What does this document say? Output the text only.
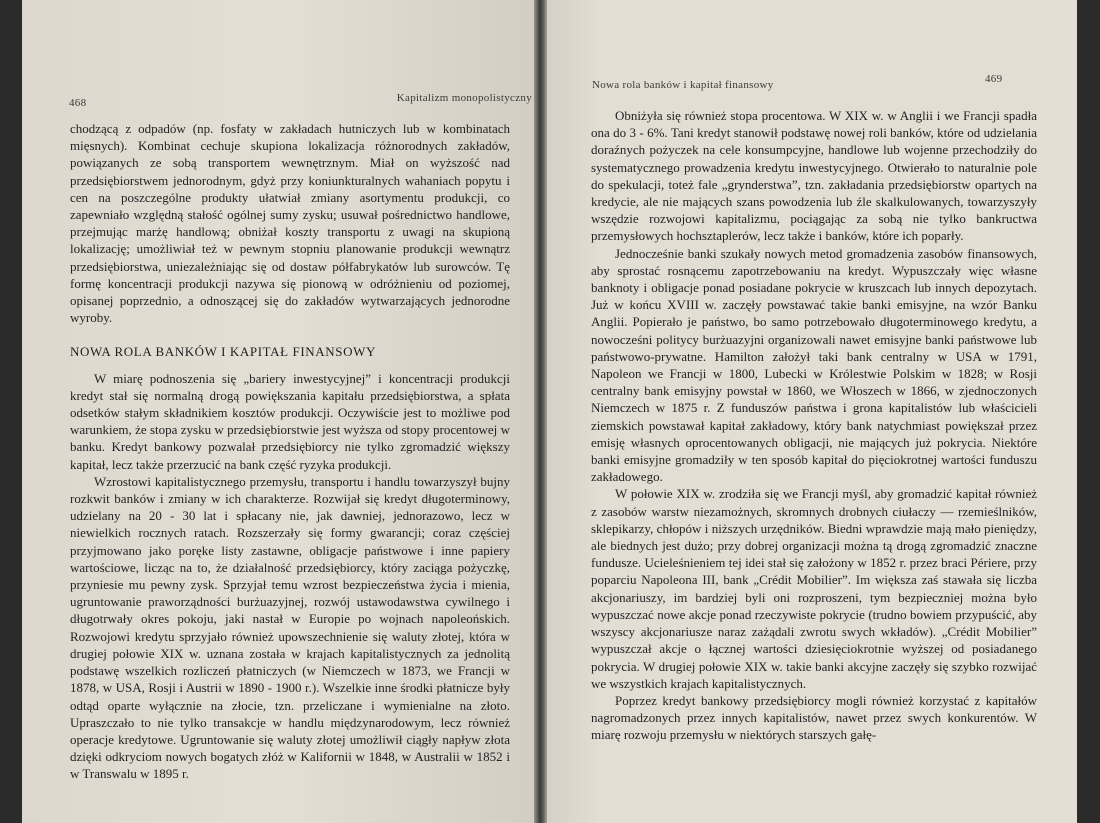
468	Kapitalizm monopolistyczny

chodzącą z odpadów (np. fosfaty w zakładach hutniczych lub w kombinatach mięsnych). Kombinat cechuje skupiona lokalizacja różnorodnych zakładów, powiązanych ze sobą transportem wewnętrznym. Miał on wyższość nad przedsiębiorstwem jednorodnym, gdyż przy koniunkturalnych wahaniach popytu i cen na poszczególne produkty ułatwiał zmiany asortymentu produkcji, co zapewniało względną stałość ogólnej sumy zysku; usuwał pośrednictwo handlowe, przejmując marżę handlową; obniżał koszty transportu z uwagi na skupioną lokalizację; umożliwiał też w pewnym stopniu planowanie produkcji wewnątrz przedsiębiorstwa, uniezależniając się od dostaw półfabrykatów lub surowców. Tę formę koncentracji produkcji nazywa się pionową w odróżnieniu od poziomej, opisanej poprzednio, a odnoszącej się do zakładów wytwarzających jednorodne wyroby.

NOWA ROLA BANKÓW I KAPITAŁ FINANSOWY

W miarę podnoszenia się „bariery inwestycyjnej” i koncentracji produkcji kredyt stał się normalną drogą powiększania kapitału przedsiębiorstwa, a spłata odsetków stałym składnikiem kosztów produkcji. Oczywiście jest to możliwe pod warunkiem, że stopa zysku w przedsiębiorstwie jest wyższa od stopy procentowej w banku. Kredyt bankowy pozwalał przedsiębiorcy nie tylko zgromadzić większy kapitał, lecz także przerzucić na bank część ryzyka produkcji.

Wzrostowi kapitalistycznego przemysłu, transportu i handlu towarzyszył bujny rozkwit banków i zmiany w ich charakterze. Rozwijał się kredyt długoterminowy, udzielany na 20 - 30 lat i spłacany nie, jak dawniej, jednorazowo, lecz w niewielkich rocznych ratach. Rozszerzały się formy gwarancji; coraz częściej przyjmowano jako poręke listy zastawne, obligacje państwowe i inne papiery wartościowe, licząc na to, że działalność przedsiębiorcy, który zaciąga pożyczkę, przyniesie mu pewny zysk. Sprzyjał temu wzrost bezpieczeństwa życia i mienia, ugruntowanie praworządności burżuazyjnej, rozwój ustawodawstwa cywilnego i długotrwały okres pokoju, jaki nastał w Europie po wojnach napoleońskich. Rozwojowi kredytu sprzyjało również upowszechnienie się waluty złotej, która w drugiej połowie XIX w. uznana została w krajach kapitalistycznych za jednolitą podstawę wszelkich rozliczeń płatniczych (w Niemczech w 1873, we Francji w 1878, w USA, Rosji i Austrii w 1890 - 1900 r.). Wszelkie inne środki płatnicze były odtąd oparte wyłącznie na złocie, tzn. przeliczane i wymienialne na złoto. Upraszczało to nie tylko transakcje w handlu międzynarodowym, lecz również operacje kredytowe. Ugruntowanie się waluty złotej umożliwił ciągły napływ złota dzięki odkryciom nowych bogatych złóż w Kalifornii w 1848, w Australii w 1852 i w Transwalu w 1895 r.

Nowa rola banków i kapitał finansowy	469

Obniżyła się również stopa procentowa. W XIX w. w Anglii i we Francji spadła ona do 3 - 6%. Tani kredyt stanowił podstawę nowej roli banków, które od udzielania doraźnych pożyczek na cele konsumpcyjne, handlowe lub wojenne przechodziły do systematycznego prowadzenia kredytu inwestycyjnego. Otwierało to naturalnie pole do spekulacji, toteż fale „grynderstwa”, tzn. zakładania przedsiębiorstw opartych na kredycie, ale nie mających szans powodzenia lub źle skalkulowanych, towarzyszyły wszędzie rozwojowi kapitalizmu, pociągając za sobą nie tylko bankructwa przemysłowych hochsztaplerów, lecz także i banków, które ich poparły.

Jednocześnie banki szukały nowych metod gromadzenia zasobów finansowych, aby sprostać rosnącemu zapotrzebowaniu na kredyt. Wypuszczały więc własne banknoty i obligacje ponad posiadane pokrycie w kruszcach lub innych depozytach. Już w końcu XVIII w. zaczęły powstawać takie banki emisyjne, na wzór Banku Anglii. Popierało je państwo, bo samo potrzebowało długoterminowego kredytu, a nowocześni politycy burżuazyjni organizowali nawet emisyjne banki państwowe lub państwowo-prywatne. Hamilton założył taki bank centralny w USA w 1791, Napoleon we Francji w 1800, Lubecki w Królestwie Polskim w 1828; w Rosji centralny bank emisyjny powstał w 1860, we Włoszech w 1866, w zjednoczonych Niemczech w 1875 r. Z funduszów państwa i grona kapitalistów lub właścicieli ziemskich powstawał kapitał zakładowy, który bank natychmiast powiększał przez emisję własnych oprocentowanych obligacji, nie mających już pokrycia. Niektóre banki emisyjne gromadziły w ten sposób kapitał do pięciokrotnej wartości funduszu zakładowego.

W połowie XIX w. zrodziła się we Francji myśl, aby gromadzić kapitał również z zasobów warstw niezamożnych, skromnych drobnych ciułaczy — rzemieślników, sklepikarzy, chłopów i niższych urzędników. Biedni wprawdzie mają mało pieniędzy, ale biednych jest dużo; przy dobrej organizacji można tą drogą zgromadzić znaczne fundusze. Ucieleśnieniem tej idei stał się założony w 1852 r. przez braci Périere, przy poparciu Napoleona III, bank „Crédit Mobilier”. Im większa zaś stawała się liczba akcjonariuszy, im bardziej byli oni rozproszeni, tym bezpieczniej można było wypuszczać nowe akcje ponad rzeczywiste pokrycie (trudno bowiem przypuścić, aby wszyscy akcjonariusze naraz zażądali zwrotu swych wkładów). „Crédit Mobilier” wypuszczał akcje o łącznej wartości dziesięciokrotnie wyższej od posiadanego pokrycia. W drugiej połowie XIX w. takie banki akcyjne zaczęły się szybko rozwijać we wszystkich krajach kapitalistycznych.

Poprzez kredyt bankowy przedsiębiorcy mogli również korzystać z kapitałów nagromadzonych przez innych kapitalistów, nawet przez swych konkurentów. W miarę rozwoju przemysłu w niektórych starszych gałę-
